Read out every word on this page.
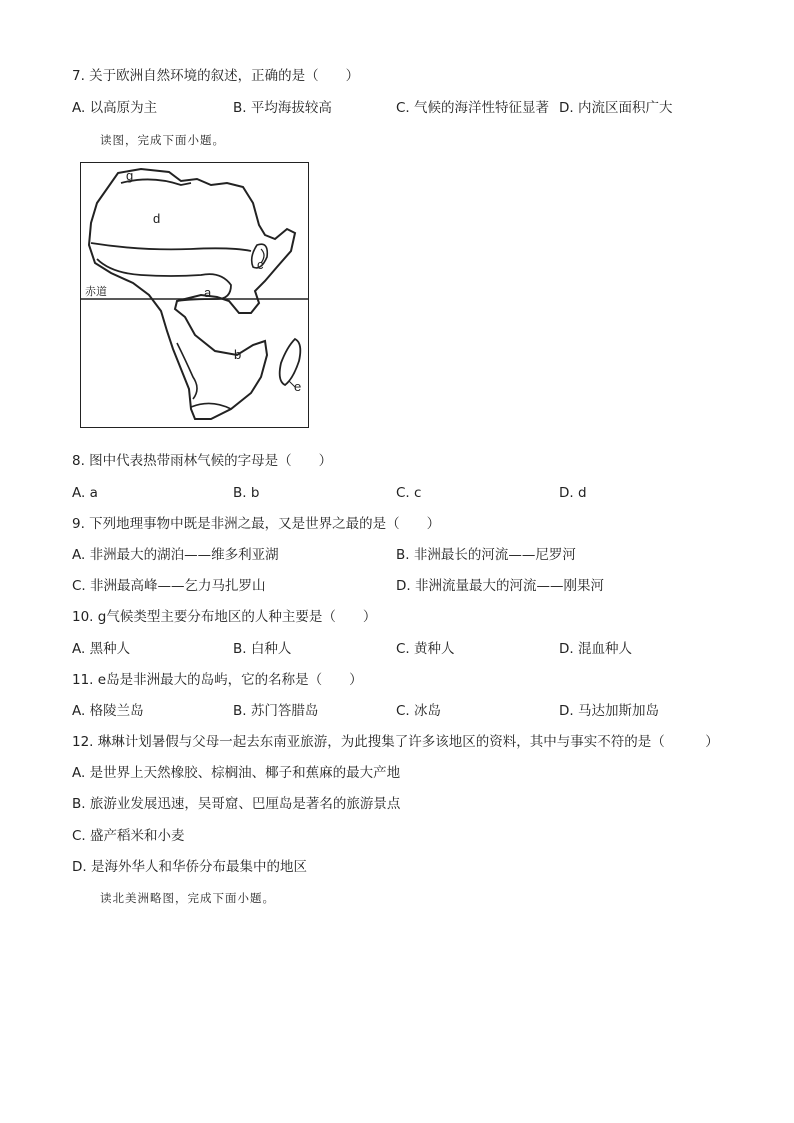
7. 关于欧洲自然环境的叙述，正确的是（　　）
A. 以高原为主	B. 平均海拔较高	C. 气候的海洋性特征显著 D. 内流区面积广大
读图，完成下面小题。
g
d
c
a
b
e
赤道
8. 图中代表热带雨林气候的字母是（　　）
A. a	B. b	C. c	D. d
9. 下列地理事物中既是非洲之最，又是世界之最的是（　　）
A. 非洲最大的湖泊——维多利亚湖	B. 非洲最长的河流——尼罗河
C. 非洲最高峰——乞力马扎罗山	D. 非洲流量最大的河流——刚果河
10. g气候类型主要分布地区的人种主要是（　　）
A. 黑种人	B. 白种人	C. 黄种人	D. 混血种人
11. e岛是非洲最大的岛屿，它的名称是（　　）
A. 格陵兰岛	B. 苏门答腊岛	C. 冰岛	D. 马达加斯加岛
12. 琳琳计划暑假与父母一起去东南亚旅游，为此搜集了许多该地区的资料，其中与事实不符的是（　　　）
A. 是世界上天然橡胶、棕榈油、椰子和蕉麻的最大产地
B. 旅游业发展迅速，吴哥窟、巴厘岛是著名的旅游景点
C. 盛产稻米和小麦
D. 是海外华人和华侨分布最集中的地区
读北美洲略图，完成下面小题。
